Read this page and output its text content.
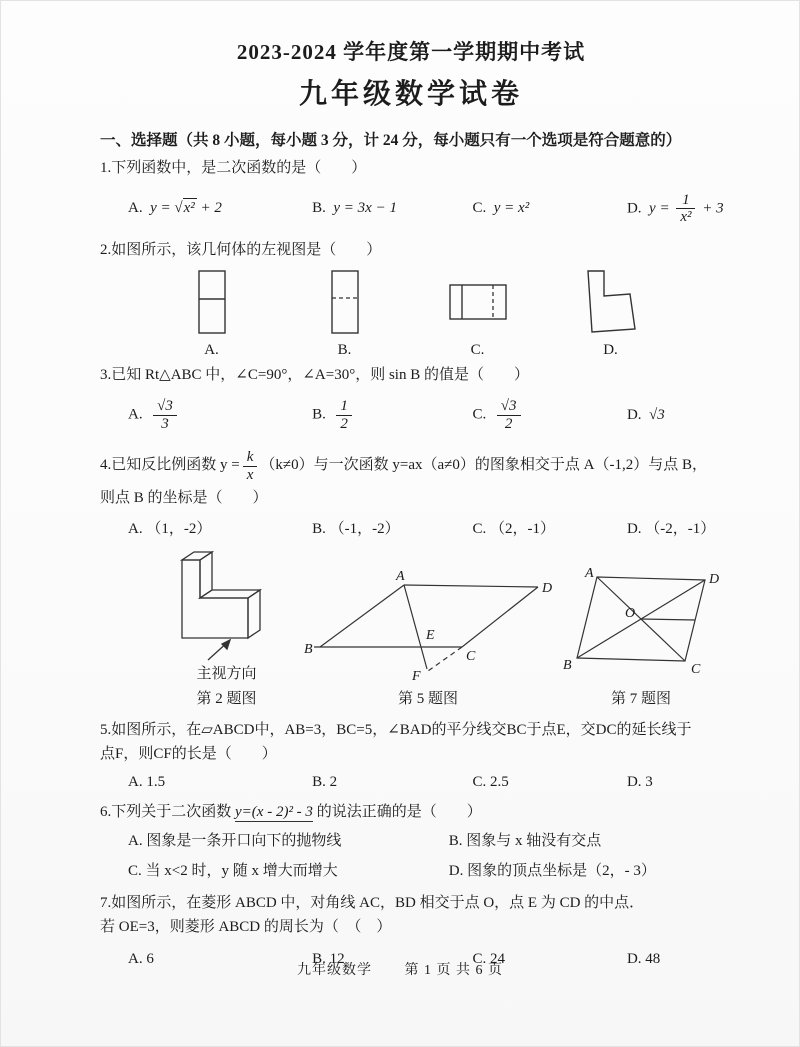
2023-2024 学年度第一学期期中考试
九年级数学试卷
一、选择题（共 8 小题，每小题 3 分，计 24 分，每小题只有一个选项是符合题意的）

1.下列函数中，是二次函数的是（　　）

A. y = √x² + 2	B. y = 3x − 1	C. y = x²	D. $y = \frac{1}{\text{x²}} + 3$

2.如图所示，该几何体的左视图是（　　）

A.	B.	C.	D.

3.已知 Rt△ABC 中，∠C=90°，∠A=30°，则 sin B 的值是（　　）

A. $\frac{√3}{3}$	B. $\frac{1}{2}$	C. $\frac{√3}{2}$	D. √3

4.已知反比例函数 $y = \frac{k}{x} (k\ne 0)$与一次函数 y=ax（a≠0）的图象相交于点 A（-1,2）与点 B，

则点 B 的坐标是（　　）

A. （1，-2）	B. （-1，-2）	C. （2，-1）	D. （-2，-1）
主视方向
第 2 题图
A
B	C
D
E
F
第 5 题图
A
B	C
D
O
第 7 题图

5.如图所示，在▱ABCD中，AB=3，BC=5，∠BAD的平分线交BC于点E，交DC的延长线于

点F，则CF的长是（　　）

A. 1.5	B. 2	C. 2.5	D. 3

6.下列关于二次函数 y=(x - 2)² - 3 的说法正确的是（　　）

A. 图象是一条开口向下的抛物线	B. 图象与 x 轴没有交点
C. 当 x<2 时，y 随 x 增大而增大	D. 图象的顶点坐标是（2，- 3）

7.如图所示，在菱形 ABCD 中，对角线 AC，BD 相交于点 O，点 E 为 CD 的中点．

若 OE=3，则菱形 ABCD 的周长为（　（　）

A. 6	B. 12	C. 24	D. 48
九年级数学 第 1 页 共 6 页
